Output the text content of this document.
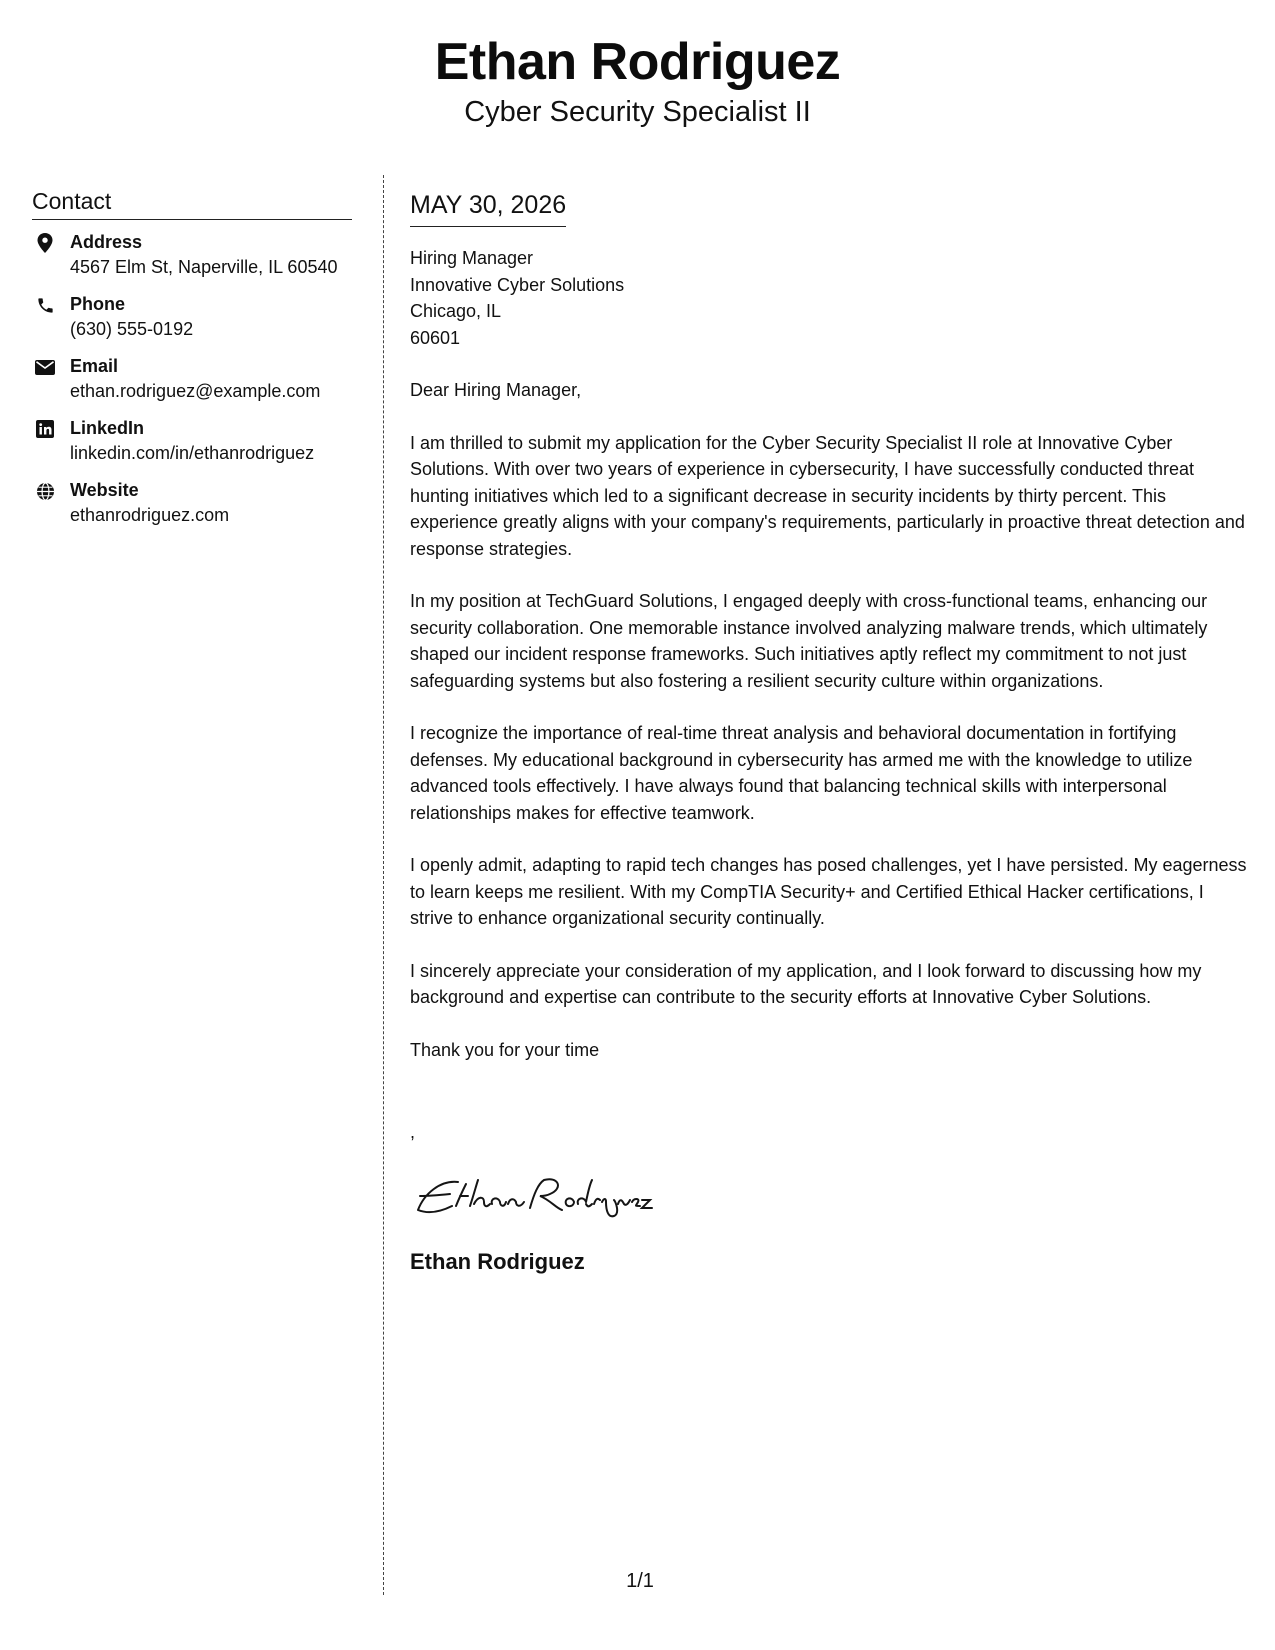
Ethan Rodriguez
Cyber Security Specialist II
Contact
Address
4567 Elm St, Naperville, IL 60540
Phone
(630) 555-0192
Email
ethan.rodriguez@example.com
LinkedIn
linkedin.com/in/ethanrodriguez
Website
ethanrodriguez.com
MAY 30, 2026
Hiring Manager
Innovative Cyber Solutions
Chicago, IL
60601
Dear Hiring Manager,
I am thrilled to submit my application for the Cyber Security Specialist II role at Innovative Cyber Solutions. With over two years of experience in cybersecurity, I have successfully conducted threat hunting initiatives which led to a significant decrease in security incidents by thirty percent. This experience greatly aligns with your company's requirements, particularly in proactive threat detection and response strategies.
In my position at TechGuard Solutions, I engaged deeply with cross-functional teams, enhancing our security collaboration. One memorable instance involved analyzing malware trends, which ultimately shaped our incident response frameworks. Such initiatives aptly reflect my commitment to not just safeguarding systems but also fostering a resilient security culture within organizations.
I recognize the importance of real-time threat analysis and behavioral documentation in fortifying defenses. My educational background in cybersecurity has armed me with the knowledge to utilize advanced tools effectively. I have always found that balancing technical skills with interpersonal relationships makes for effective teamwork.
I openly admit, adapting to rapid tech changes has posed challenges, yet I have persisted. My eagerness to learn keeps me resilient. With my CompTIA Security+ and Certified Ethical Hacker certifications, I strive to enhance organizational security continually.
I sincerely appreciate your consideration of my application, and I look forward to discussing how my background and expertise can contribute to the security efforts at Innovative Cyber Solutions.
Thank you for your time
,
Ethan Rodriguez
1/1
